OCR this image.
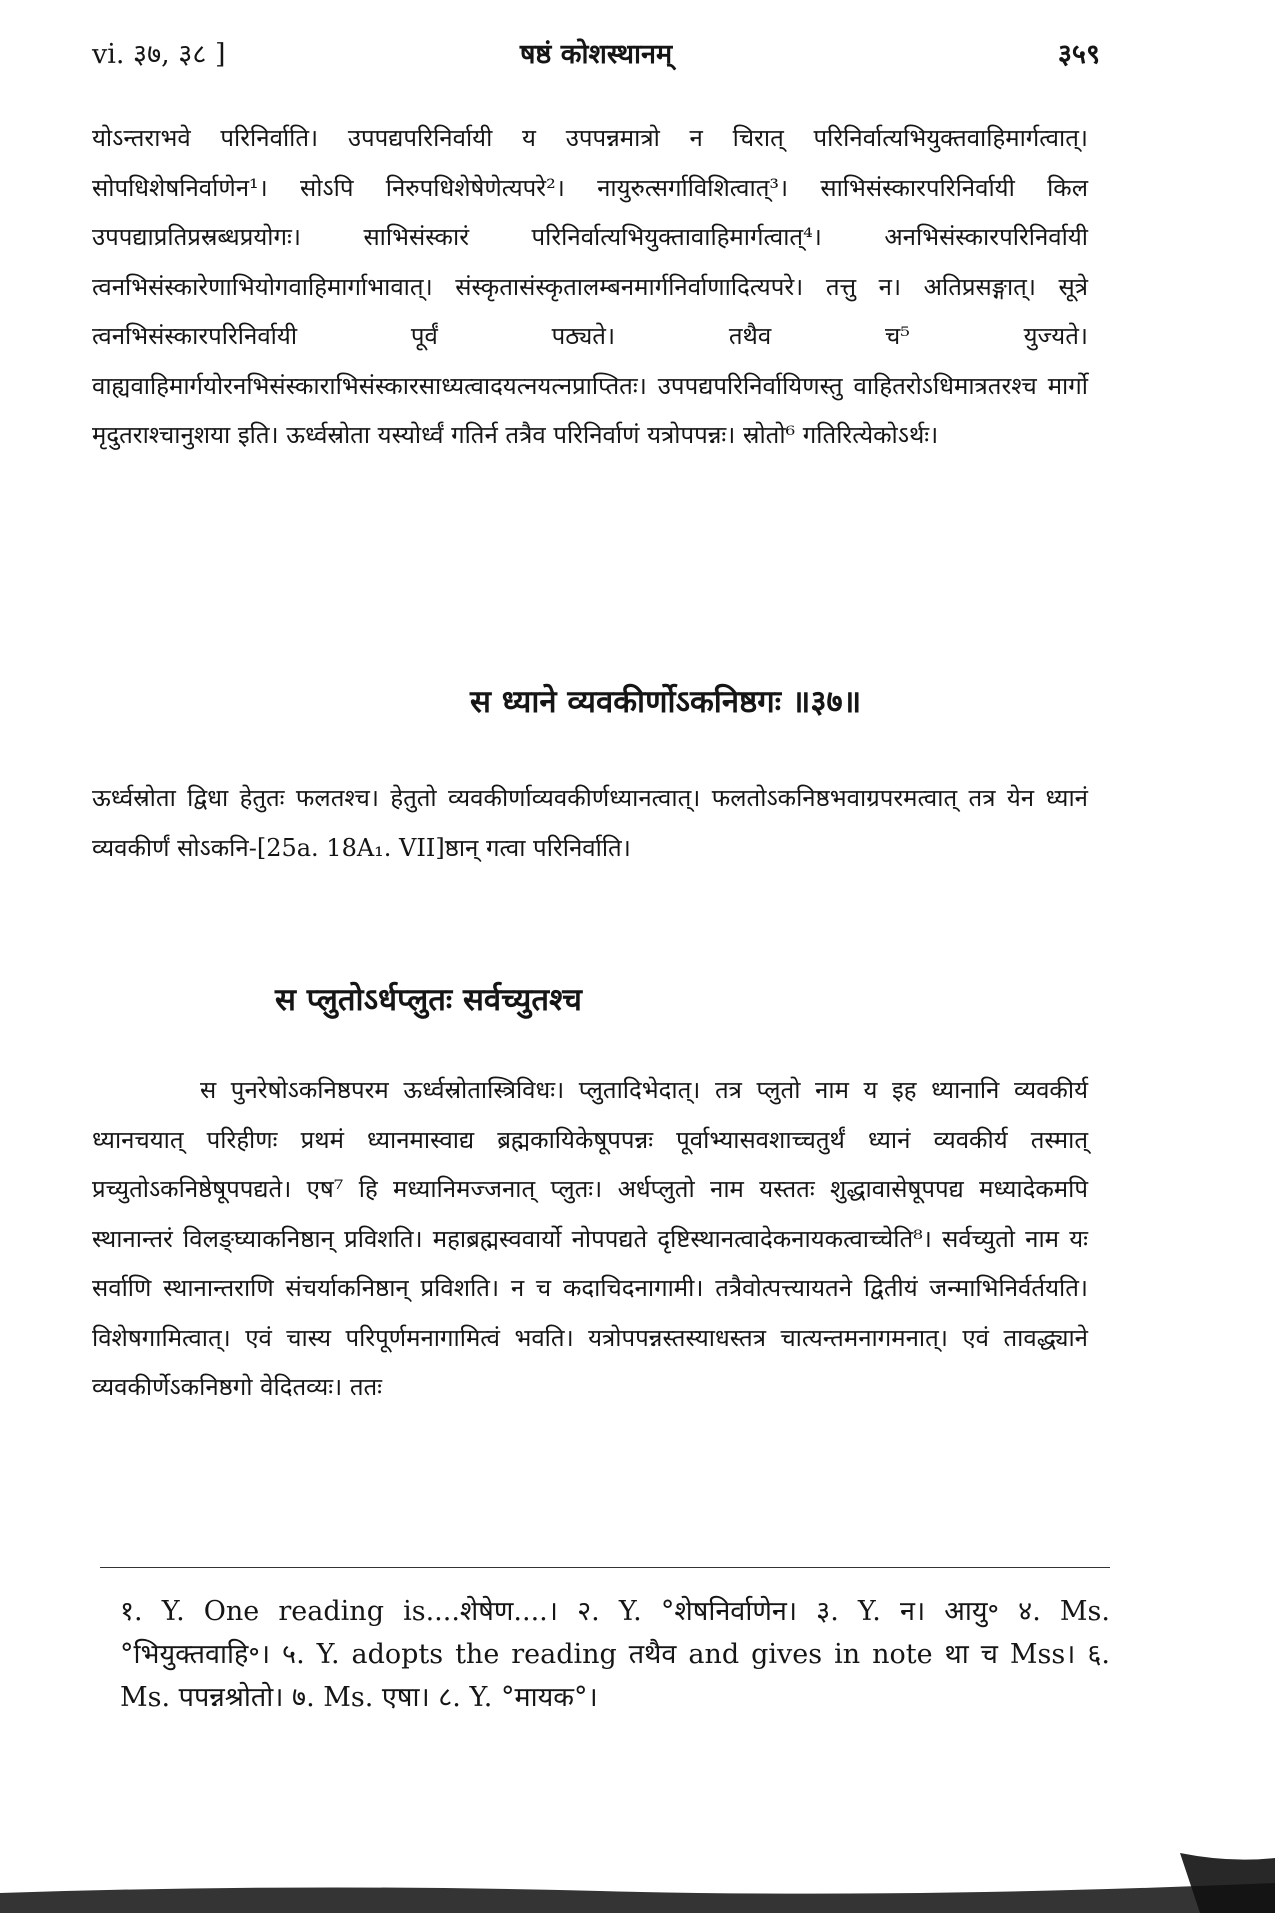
vi. ३७, ३८ ]	षष्ठं कोशस्थानम्	३५९

योऽन्तराभवे परिनिर्वाति। उपपद्यपरिनिर्वायी य उपपन्नमात्रो न चिरात् परिनिर्वात्यभियुक्तवाहिमार्गत्वात्। सोपधिशेषनिर्वाणेन¹। सोऽपि निरुपधिशेषेणेत्यपरे²। नायुरुत्सर्गाविशित्वात्³। साभिसंस्कारपरिनिर्वायी किल उपपद्याप्रतिप्रस्रब्धप्रयोगः। साभिसंस्कारं परिनिर्वात्यभियुक्तावाहिमार्गत्वात्⁴। अनभिसंस्कारपरिनिर्वायी त्वनभिसंस्कारेणाभियोगवाहिमार्गाभावात्। संस्कृतासंस्कृतालम्बनमार्गनिर्वाणादित्यपरे। तत्तु न। अतिप्रसङ्गात्। सूत्रे त्वनभिसंस्कारपरिनिर्वायी पूर्वं पठ्यते। तथैव च⁵ युज्यते। वाह्यवाहिमार्गयोरनभिसंस्काराभिसंस्कारसाध्यत्वादयत्नयत्नप्राप्तितः। उपपद्यपरिनिर्वायिणस्तु वाहितरोऽधिमात्रतरश्च मार्गो मृदुतराश्चानुशया इति। ऊर्ध्वस्रोता यस्योर्ध्वं गतिर्न तत्रैव परिनिर्वाणं यत्रोपपन्नः। स्रोतो⁶ गतिरित्येकोऽर्थः।

स ध्याने व्यवकीर्णोऽकनिष्ठगः ॥३७॥

ऊर्ध्वस्रोता द्विधा हेतुतः फलतश्च। हेतुतो व्यवकीर्णाव्यवकीर्णध्यानत्वात्। फलतोऽकनिष्ठभवाग्रपरमत्वात् तत्र येन ध्यानं व्यवकीर्णं सोऽकनि-[25a. 18A₁. VII]ष्ठान् गत्वा परिनिर्वाति।

स प्लुतोऽर्धप्लुतः सर्वच्युतश्च

स पुनरेषोऽकनिष्ठपरम ऊर्ध्वस्रोतास्त्रिविधः। प्लुतादिभेदात्। तत्र प्लुतो नाम य इह ध्यानानि व्यवकीर्य ध्यानचयात् परिहीणः प्रथमं ध्यानमास्वाद्य ब्रह्मकायिकेषूपपन्नः पूर्वाभ्यासवशाच्चतुर्थं ध्यानं व्यवकीर्य तस्मात् प्रच्युतोऽकनिष्ठेषूपपद्यते। एष⁷ हि मध्यानिमज्जनात् प्लुतः। अर्धप्लुतो नाम यस्ततः शुद्धावासेषूपपद्य मध्यादेकमपि स्थानान्तरं विलङ्घ्याकनिष्ठान् प्रविशति। महाब्रह्मस्ववार्यो नोपपद्यते दृष्टिस्थानत्वादेकनायकत्वाच्चेति⁸। सर्वच्युतो नाम यः सर्वाणि स्थानान्तराणि संचर्याकनिष्ठान् प्रविशति। न च कदाचिदनागामी। तत्रैवोत्पत्त्यायतने द्वितीयं जन्माभिनिर्वर्तयति। विशेषगामित्वात्। एवं चास्य परिपूर्णमनागामित्वं भवति। यत्रोपपन्नस्तस्याधस्तत्र चात्यन्तमनागमनात्। एवं तावद्ध्याने व्यवकीर्णेऽकनिष्ठगो वेदितव्यः। ततः

१. Y. One reading is....शेषेण....। २. Y. °शेषनिर्वाणेन। ३. Y. न। आयु॰ ४. Ms. °भियुक्तवाहि॰। ५. Y. adopts the reading तथैव and gives in note था च Mss। ६. Ms. पपन्नश्रोतो। ७. Ms. एषा। ८. Y. °मायक°।
